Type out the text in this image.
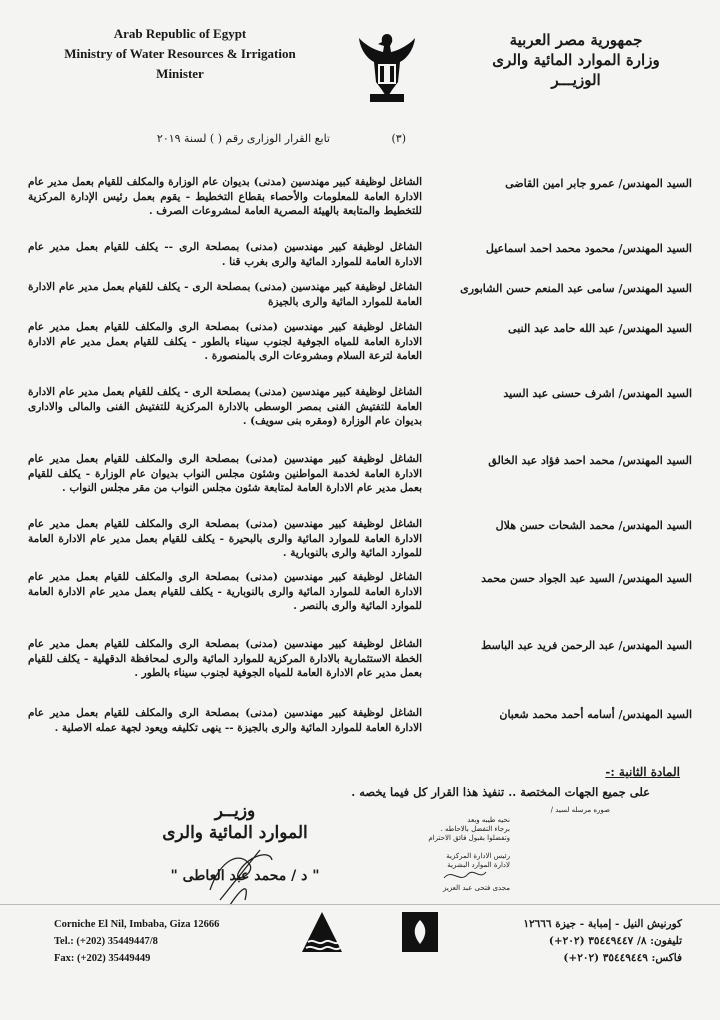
Arab Republic of Egypt
Ministry of Water Resources & Irrigation
Minister
جمهورية مصر العربية
وزارة الموارد المائية والرى
الوزيـــر
(٣)
تابع القرار الوزارى رقم ( ) لسنة ٢٠١٩
السيد المهندس/ عمرو جابر امين القاضى
الشاغل لوظيفة كبير مهندسين (مدنى) بديوان عام الوزارة والمكلف للقيام بعمل مدير عام الادارة العامة للمعلومات والأحصاء بقطاع التخطيط - يقوم بعمل رئيس الإدارة المركزية للتخطيط والمتابعة بالهيئة المصرية العامة لمشروعات الصرف .
السيد المهندس/ محمود محمد احمد اسماعيل
الشاغل لوظيفة كبير مهندسين (مدنى) بمصلحة الرى -- يكلف للقيام بعمل مدير عام الادارة العامة للموارد المائية والرى بغرب قنا .
السيد المهندس/ سامى عبد المنعم حسن الشابورى
الشاغل لوظيفة كبير مهندسين (مدنى) بمصلحة الرى - يكلف للقيام بعمل مدير عام الادارة العامة للموارد المائية والرى بالجيزة
السيد المهندس/ عبد الله حامد عبد النبى
الشاغل لوظيفة كبير مهندسين (مدنى) بمصلحة الرى والمكلف للقيام بعمل مدير عام الادارة العامة للمياه الجوفية لجنوب سيناء بالطور - يكلف للقيام بعمل مدير عام الادارة العامة لترعة السلام ومشروعات الرى بالمنصورة .
السيد المهندس/ اشرف حسنى عبد السيد
الشاغل لوظيفة كبير مهندسين (مدنى) بمصلحة الرى - يكلف للقيام بعمل مدير عام الادارة العامة للتفتيش الفنى بمصر الوسطى بالادارة المركزية للتفتيش الفنى والمالى والادارى بديوان عام الوزارة (ومقره بنى سويف) .
السيد المهندس/ محمد احمد فؤاد عبد الخالق
الشاغل لوظيفة كبير مهندسين (مدنى) بمصلحة الرى والمكلف للقيام بعمل مدير عام الادارة العامة لخدمة المواطنين وشئون مجلس النواب بديوان عام الوزارة - يكلف للقيام بعمل مدير عام الادارة العامة لمتابعة شئون مجلس النواب من مقر مجلس النواب .
السيد المهندس/ محمد الشحات حسن هلال
الشاغل لوظيفة كبير مهندسين (مدنى) بمصلحة الرى والمكلف للقيام بعمل مدير عام الادارة العامة للموارد المائية والرى بالبحيرة - يكلف للقيام بعمل مدير عام الادارة العامة للموارد المائية والرى بالنوبارية .
السيد المهندس/ السيد عبد الجواد حسن محمد
الشاغل لوظيفة كبير مهندسين (مدنى) بمصلحة الرى والمكلف للقيام بعمل مدير عام الادارة العامة للموارد المائية والرى بالنوبارية - يكلف للقيام بعمل مدير عام الادارة العامة للموارد المائية والرى بالنصر .
السيد المهندس/ عبد الرحمن فريد عبد الباسط
الشاغل لوظيفة كبير مهندسين (مدنى) بمصلحة الرى والمكلف للقيام بعمل مدير عام الخطة الاستثمارية بالادارة المركزية للموارد المائية والرى لمحافظة الدقهلية - يكلف للقيام بعمل مدير عام الادارة العامة للمياه الجوفية لجنوب سيناء بالطور .
السيد المهندس/ أسامه أحمد محمد شعبان
الشاغل لوظيفة كبير مهندسين (مدنى) بمصلحة الرى والمكلف للقيام بعمل مدير عام الادارة العامة للموارد المائية والرى بالجيزة -- ينهى تكليفه ويعود لجهة عمله الاصلية .
المادة الثانية :-
على جميع الجهات المختصة .. تنفيذ هذا القرار كل فيما يخصه .
وزيــر
الموارد المائية والرى
" د / محمد عبد العاطى "
صوره مرسله لسيد /
نحيه طيبه وبعد
برجاء التفضل بالاحاطه .
وتفضلوا بقبول فائق الاحترام
رئيس الادارة المركزية
لادارة الموارد البشرية
مجدى فتحى عبد العزيز
Corniche El Nil, Imbaba, Giza 12666
Tel.: (+202) 35449447/8
Fax: (+202) 35449449
كورنيش النيل - إمبابة - جيزة ١٢٦٦٦
تليفون: ٨/ ٣٥٤٤٩٤٤٧ (٢٠٢+)
فاكس: ٣٥٤٤٩٤٤٩ (٢٠٢+)
